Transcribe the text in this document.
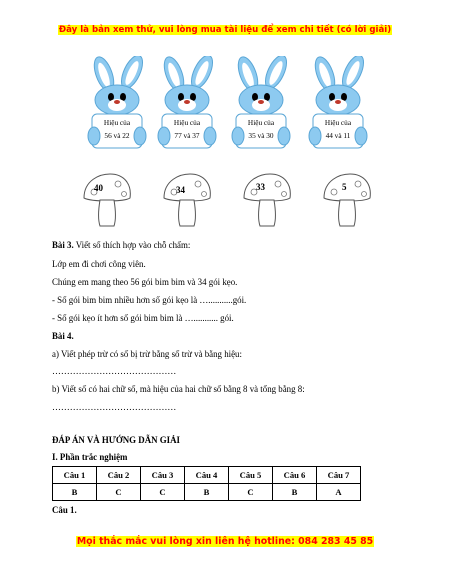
Đây là bản xem thử, vui lòng mua tài liệu để xem chi tiết (có lời giải)
Hiệu của
56 và 22
Hiệu của
77 và 37
Hiệu của
35 và 30
Hiệu của
44 và 11
40	34	33	5
Bài 3. Viết số thích hợp vào chỗ chấm:
Lớp em đi chơi công viên.
Chúng em mang theo 56 gói bim bim và 34 gói kẹo.
- Số gói bim bim nhiều hơn số gói kẹo là …...........gói.
- Số gói kẹo ít hơn số gói bim bim là …........... gói.
Bài 4.
a) Viết phép trừ có số bị trừ bằng số trừ và bằng hiệu:
……………………………………
b) Viết số có hai chữ số, mà hiệu của hai chữ số bằng 8 và tổng bằng 8:
……………………………………
ĐÁP ÁN VÀ HƯỚNG DẪN GIẢI
I. Phần trắc nghiệm
Câu 1	Câu 2	Câu 3	Câu 4	Câu 5	Câu 6	Câu 7
B	C	C	B	C	B	A
Câu 1.
Mọi thắc mắc vui lòng xin liên hệ hotline: 084 283 45 85
